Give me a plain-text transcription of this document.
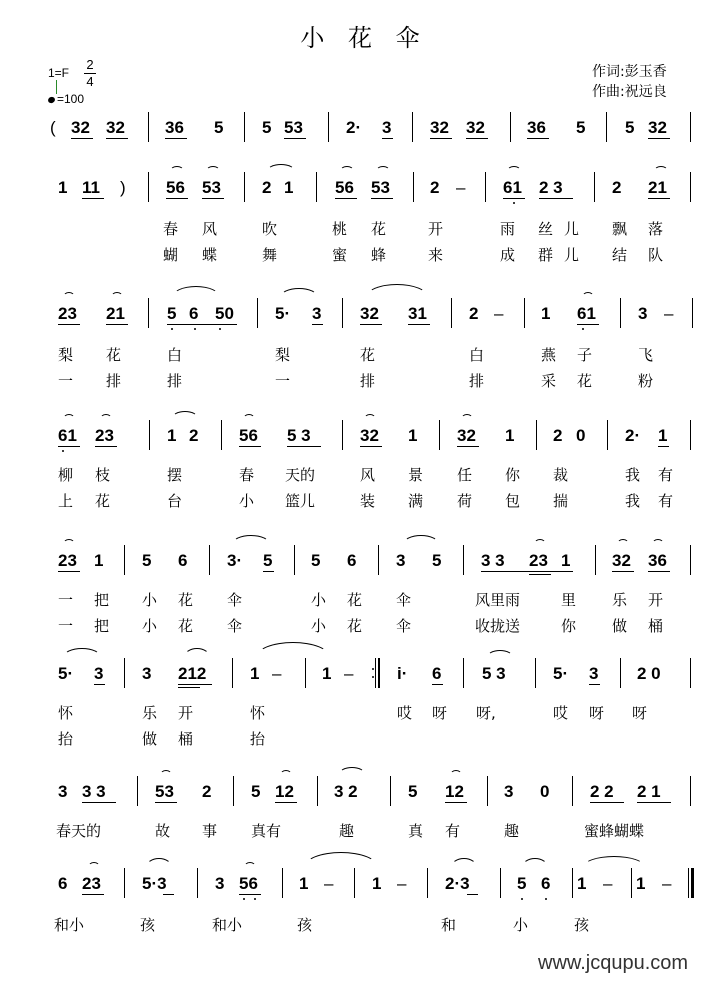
小 花 伞
1=F
2
4
=100
作词:彭玉香
作曲:祝远良
( 32 32 36 5 5 53	2· 3 32 32 36 5 5 32
1 11 ) 56 53 2 1 56 53 2 – 61 2 3	2 21
春 风	吹	桃 花	开	雨 丝 儿 飘 落
蝴 蝶	舞	蜜 蜂	来	成 群 儿 结 队
23 21 5 6 50 5· 3 32 31 2 – 1 61 3 –
梨 花	白	梨	花	白	燕 子	飞
一 排	排	一	排	排	采 花	粉
61 23	1 2 56 5 3	32 1 32 1 2 0 2· 1
柳 枝	摆	春 天的	风 景 任 你 裁	我 有
上 花	台	小 篮儿	装 满 荷 包 揣	我 有
23 1 5 6 3· 5 5 6 3 5 3 3 23 1 32 36
一 把 小 花 伞	小 花 伞	风里雨	里 乐 开
一 把 小 花 伞	小 花 伞	收拢送	你 做 桶
5· 3 3 212	1 – 1 –	i· 6 5 3	5· 3 2 0
怀	乐 开	怀	哎 呀 呀,	哎 呀 呀
抬	做 桶	抬
3 3 3	53 2 5 12 3 2	5 12 3 0 2 2 2 1
春天的	故 事 真有	趣	真 有	趣	蜜蜂蝴蝶
6 23 5·3	3 56 1 – 1 – 2·3	5 6 1 – 1 –
和小	孩	和小	孩	和	小	孩
www.jcqupu.com
